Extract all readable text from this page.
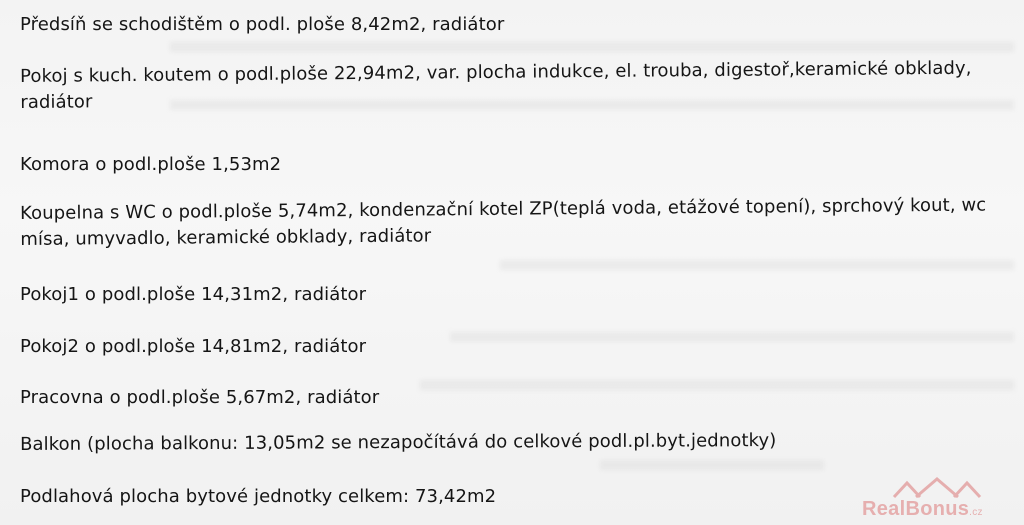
Předsíň se schodištěm o podl. ploše 8,42m2, radiátor
Pokoj s kuch. koutem o podl.ploše 22,94m2, var. plocha indukce, el. trouba, digestoř,keramické obklady, radiátor
Komora o podl.ploše 1,53m2
Koupelna s WC o podl.ploše 5,74m2, kondenzační kotel ZP(teplá voda, etážové topení), sprchový kout, wc mísa, umyvadlo, keramické obklady, radiátor
Pokoj1 o podl.ploše 14,31m2, radiátor
Pokoj2 o podl.ploše 14,81m2, radiátor
Pracovna o podl.ploše 5,67m2, radiátor
Balkon (plocha balkonu: 13,05m2 se nezapočítává do celkové podl.pl.byt.jednotky)
Podlahová plocha bytové jednotky celkem: 73,42m2
RealBonus.cz
